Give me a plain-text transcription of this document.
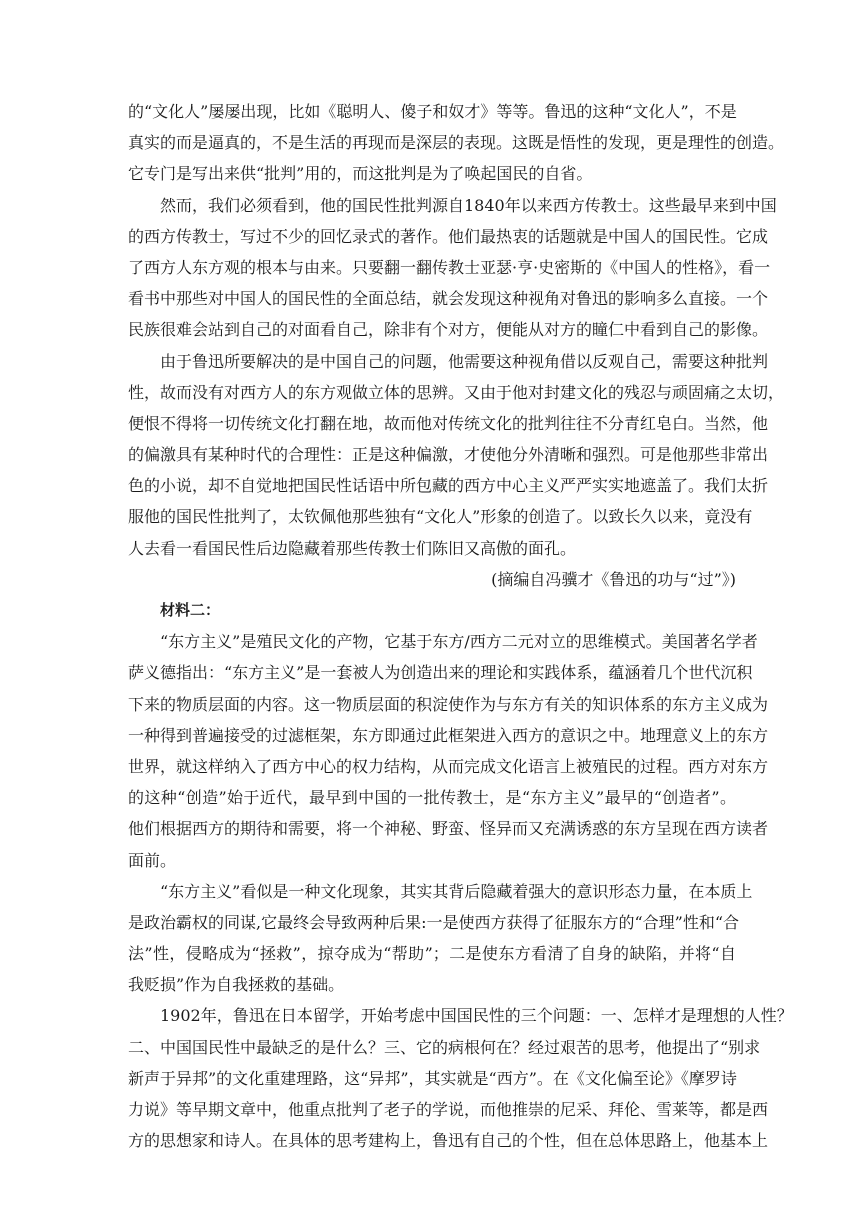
的“文化人”屡屡出现，比如《聪明人、傻子和奴才》等等。鲁迅的这种“文化人”，不是
真实的而是逼真的，不是生活的再现而是深层的表现。这既是悟性的发现，更是理性的创造。
它专门是写出来供“批判”用的，而这批判是为了唤起国民的自省。
然而，我们必须看到，他的国民性批判源自1840年以来西方传教士。这些最早来到中国
的西方传教士，写过不少的回忆录式的著作。他们最热衷的话题就是中国人的国民性。它成
了西方人东方观的根本与由来。只要翻一翻传教士亚瑟·亨·史密斯的《中国人的性格》，看一
看书中那些对中国人的国民性的全面总结，就会发现这种视角对鲁迅的影响多么直接。一个
民族很难会站到自己的对面看自己，除非有个对方，便能从对方的瞳仁中看到自己的影像。
由于鲁迅所要解决的是中国自己的问题，他需要这种视角借以反观自己，需要这种批判
性，故而没有对西方人的东方观做立体的思辨。又由于他对封建文化的残忍与顽固痛之太切，
便恨不得将一切传统文化打翻在地，故而他对传统文化的批判往往不分青红皂白。当然，他
的偏激具有某种时代的合理性：正是这种偏激，才使他分外清晰和强烈。可是他那些非常出
色的小说，却不自觉地把国民性话语中所包藏的西方中心主义严严实实地遮盖了。我们太折
服他的国民性批判了，太钦佩他那些独有“文化人”形象的创造了。以致长久以来，竟没有
人去看一看国民性后边隐藏着那些传教士们陈旧又高傲的面孔。
(摘编自冯骥才《鲁迅的功与“过”》)
材料二：
“东方主义”是殖民文化的产物，它基于东方/西方二元对立的思维模式。美国著名学者
萨义德指出：“东方主义”是一套被人为创造出来的理论和实践体系，蕴涵着几个世代沉积
下来的物质层面的内容。这一物质层面的积淀使作为与东方有关的知识体系的东方主义成为
一种得到普遍接受的过滤框架，东方即通过此框架进入西方的意识之中。地理意义上的东方
世界，就这样纳入了西方中心的权力结构，从而完成文化语言上被殖民的过程。西方对东方
的这种“创造”始于近代，最早到中国的一批传教士，是“东方主义”最早的“创造者”。
他们根据西方的期待和需要，将一个神秘、野蛮、怪异而又充满诱惑的东方呈现在西方读者
面前。
“东方主义”看似是一种文化现象，其实其背后隐藏着强大的意识形态力量，在本质上
是政治霸权的同谋,它最终会导致两种后果:一是使西方获得了征服东方的“合理”性和“合
法”性，侵略成为“拯救”，掠夺成为“帮助”；二是使东方看清了自身的缺陷，并将“自
我贬损”作为自我拯救的基础。
1902年，鲁迅在日本留学，开始考虑中国国民性的三个问题：一、怎样才是理想的人性？
二、中国国民性中最缺乏的是什么？三、它的病根何在？经过艰苦的思考，他提出了“别求
新声于异邦”的文化重建理路，这“异邦”，其实就是“西方”。在《文化偏至论》《摩罗诗
力说》等早期文章中，他重点批判了老子的学说，而他推崇的尼采、拜伦、雪莱等，都是西
方的思想家和诗人。在具体的思考建构上，鲁迅有自己的个性，但在总体思路上，他基本上
